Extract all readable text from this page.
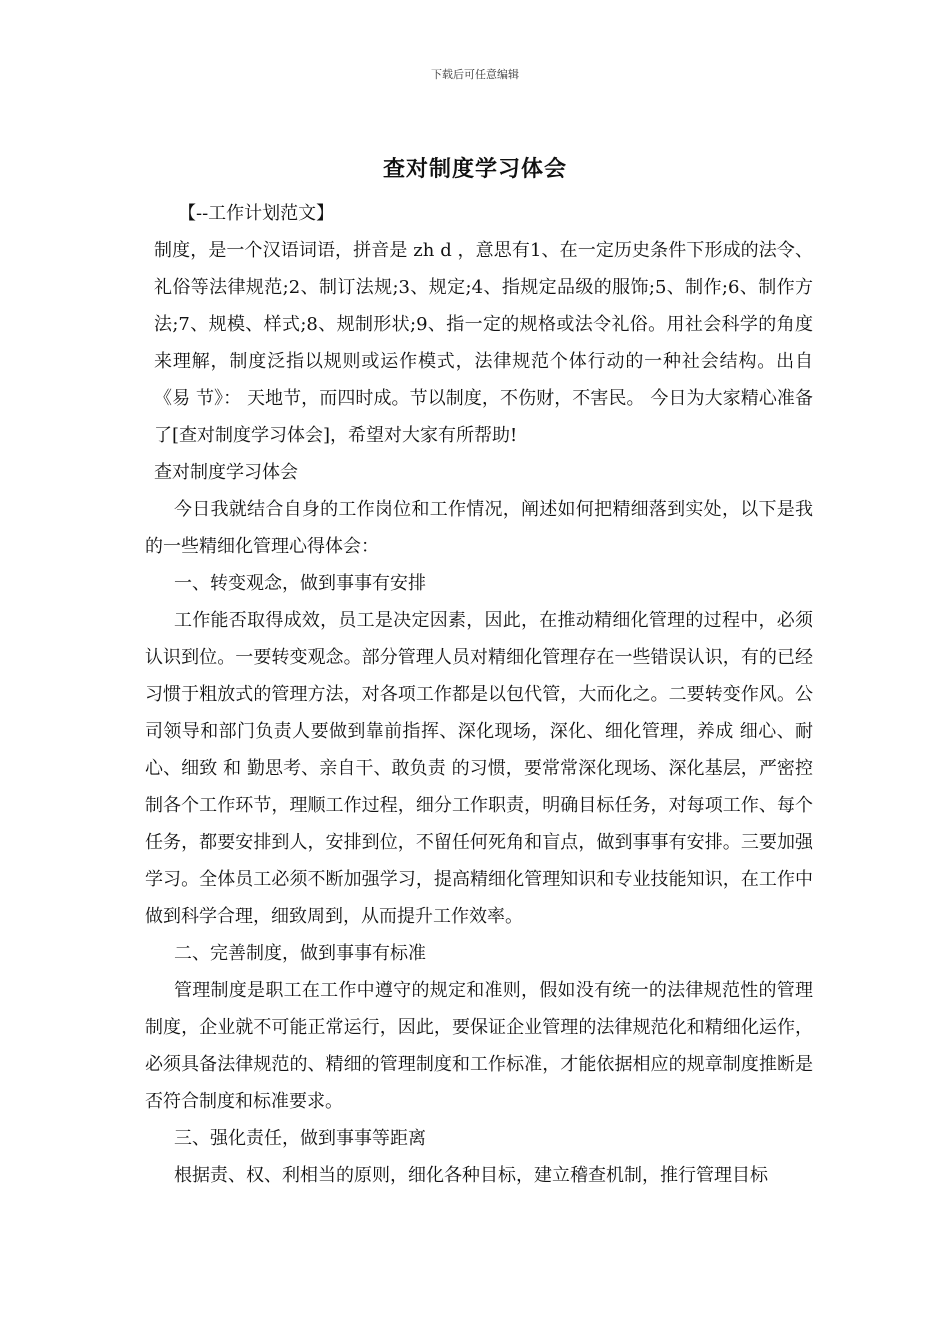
下载后可任意编辑
查对制度学习体会

【--工作计划范文】

制度，是一个汉语词语，拼音是 zh d ，意思有1、在一定历史条件下形成的法令、礼俗等法律规范;2、制订法规;3、规定;4、指规定品级的服饰;5、制作;6、制作方法;7、规模、样式;8、规制形状;9、指一定的规格或法令礼俗。用社会科学的角度来理解，制度泛指以规则或运作模式，法律规范个体行动的一种社会结构。出自 《易 节》： 天地节，而四时成。节以制度，不伤财，不害民。 今日为大家精心准备了[查对制度学习体会]，希望对大家有所帮助!

查对制度学习体会

今日我就结合自身的工作岗位和工作情况，阐述如何把精细落到实处，以下是我的一些精细化管理心得体会：

一、转变观念，做到事事有安排

工作能否取得成效，员工是决定因素，因此，在推动精细化管理的过程中，必须认识到位。一要转变观念。部分管理人员对精细化管理存在一些错误认识，有的已经习惯于粗放式的管理方法，对各项工作都是以包代管，大而化之。二要转变作风。公司领导和部门负责人要做到靠前指挥、深化现场，深化、细化管理，养成 细心、耐心、细致 和 勤思考、亲自干、敢负责 的习惯，要常常深化现场、深化基层，严密控制各个工作环节，理顺工作过程，细分工作职责，明确目标任务，对每项工作、每个任务，都要安排到人，安排到位，不留任何死角和盲点，做到事事有安排。三要加强学习。全体员工必须不断加强学习，提高精细化管理知识和专业技能知识，在工作中做到科学合理，细致周到，从而提升工作效率。

二、完善制度，做到事事有标准

管理制度是职工在工作中遵守的规定和准则，假如没有统一的法律规范性的管理制度，企业就不可能正常运行，因此，要保证企业管理的法律规范化和精细化运作，必须具备法律规范的、精细的管理制度和工作标准，才能依据相应的规章制度推断是否符合制度和标准要求。

三、强化责任，做到事事等距离

根据责、权、利相当的原则，细化各种目标，建立稽查机制，推行管理目标
